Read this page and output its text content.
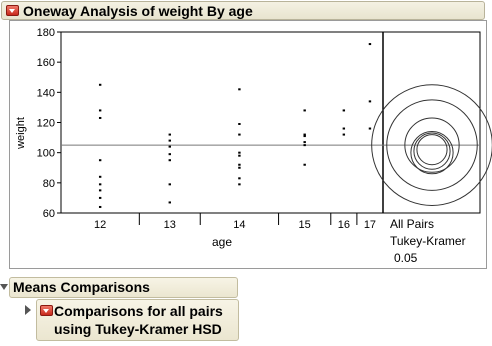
Oneway Analysis of weight By age
60
80
100
120
140
160
180
12	13	14	15 16 17
weight
age
All Pairs
Tukey-Kramer
0.05
Means Comparisons
Comparisons for all pairs
using Tukey-Kramer HSD
